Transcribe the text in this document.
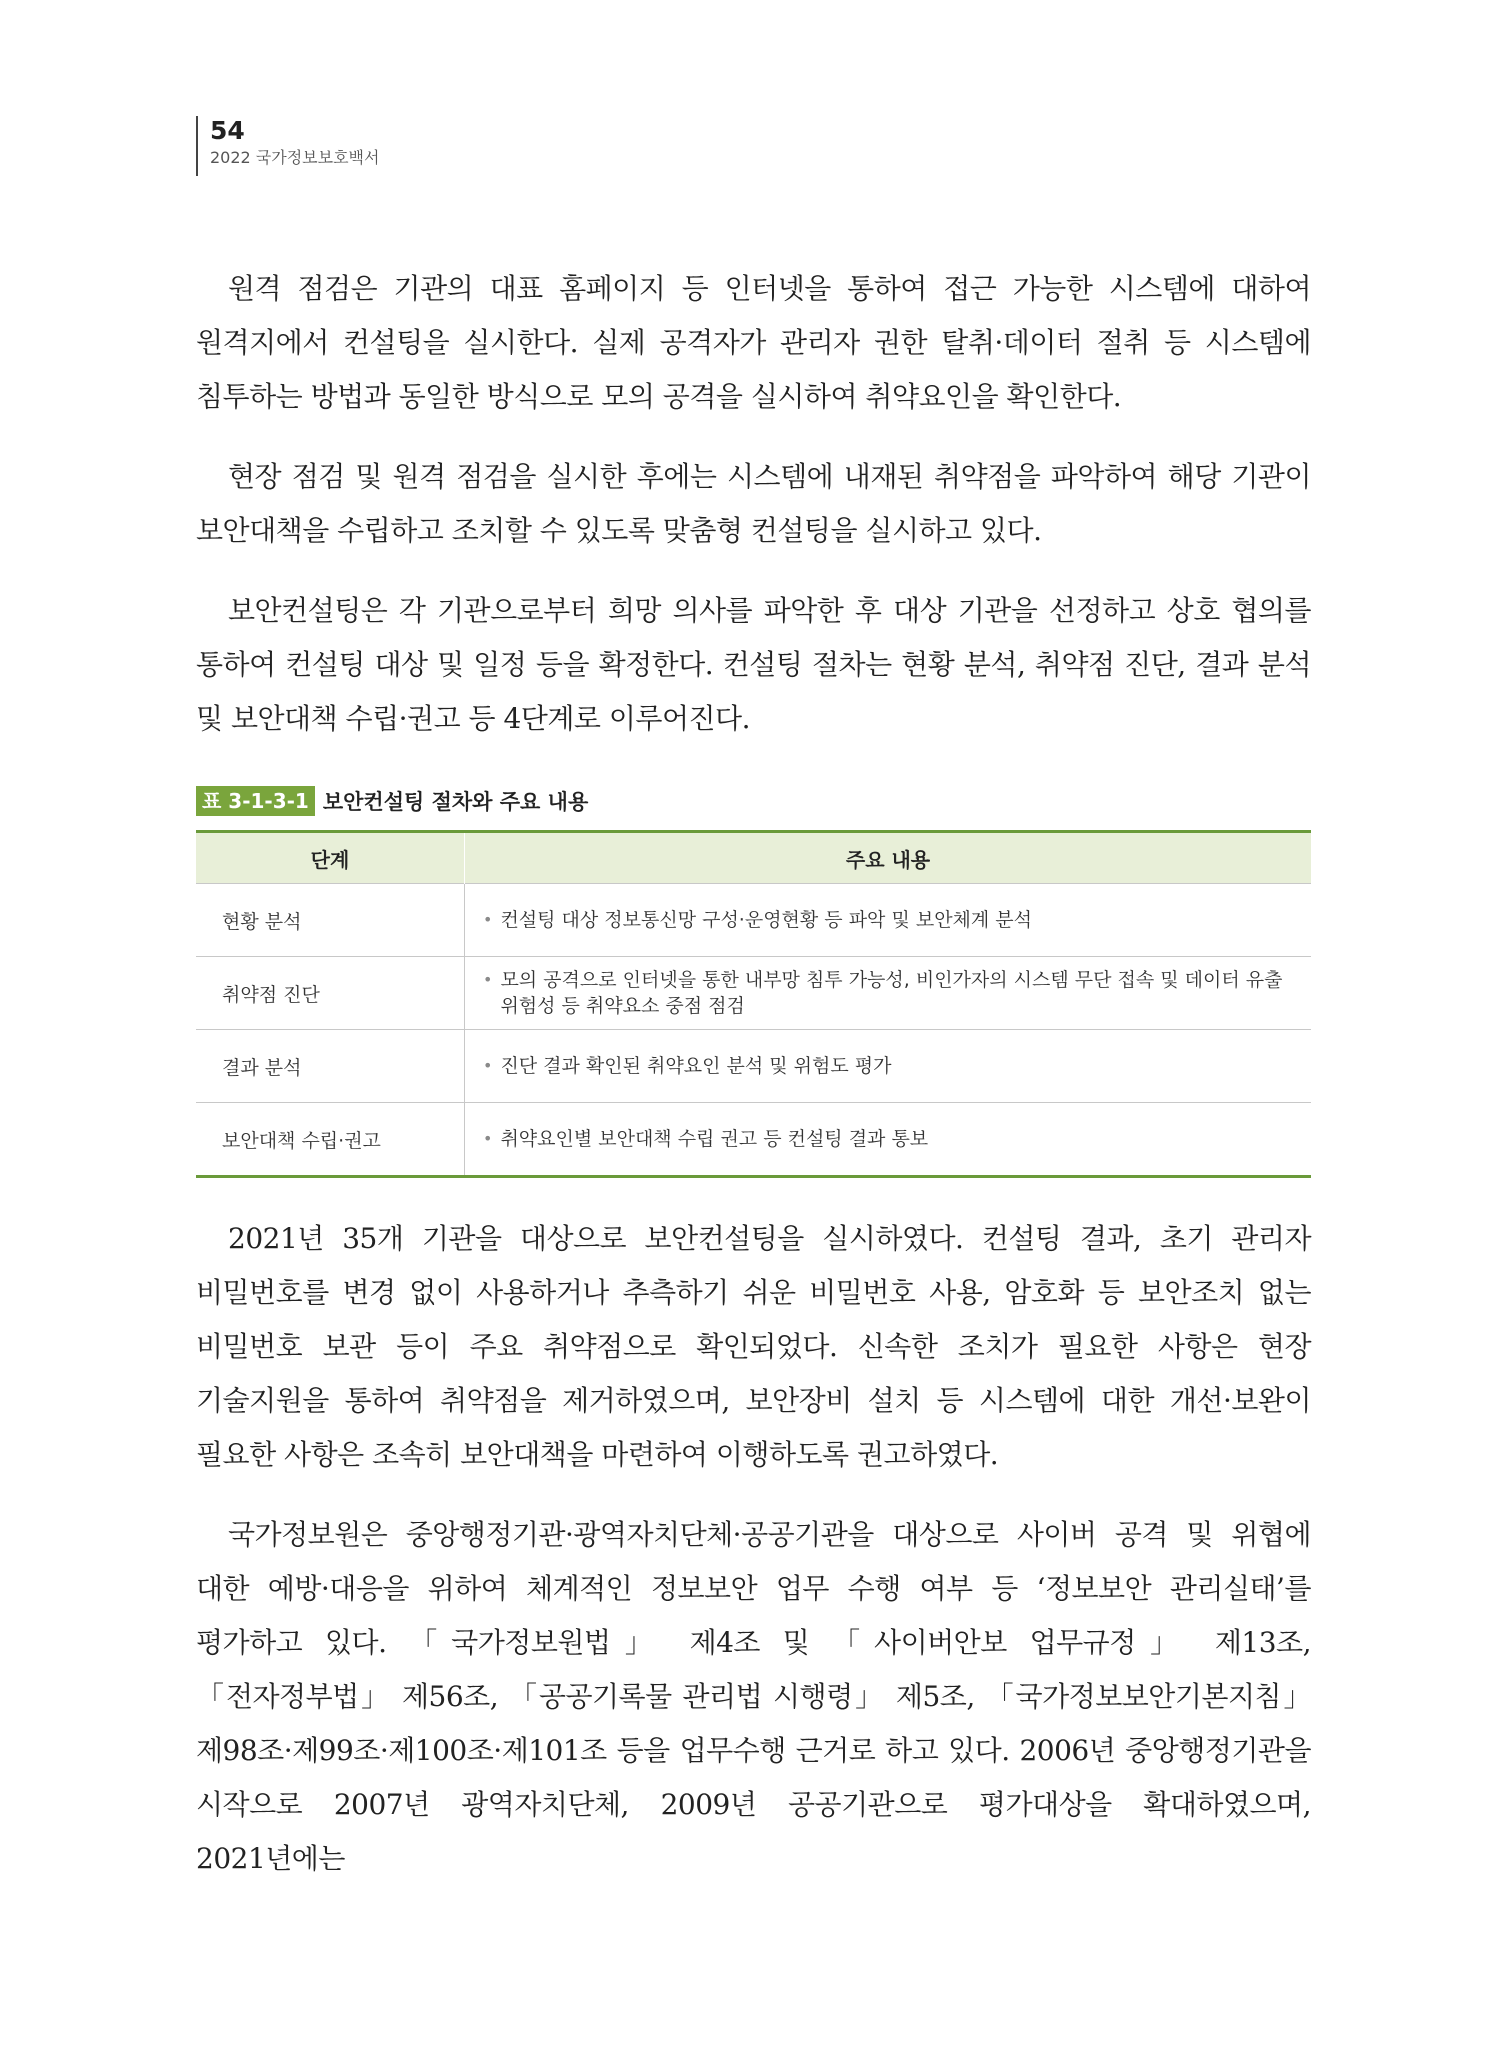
54
2022 국가정보보호백서

원격 점검은 기관의 대표 홈페이지 등 인터넷을 통하여 접근 가능한 시스템에 대하여 원격지에서 컨설팅을 실시한다. 실제 공격자가 관리자 권한 탈취·데이터 절취 등 시스템에 침투하는 방법과 동일한 방식으로 모의 공격을 실시하여 취약요인을 확인한다.

현장 점검 및 원격 점검을 실시한 후에는 시스템에 내재된 취약점을 파악하여 해당 기관이 보안대책을 수립하고 조치할 수 있도록 맞춤형 컨설팅을 실시하고 있다.

보안컨설팅은 각 기관으로부터 희망 의사를 파악한 후 대상 기관을 선정하고 상호 협의를 통하여 컨설팅 대상 및 일정 등을 확정한다. 컨설팅 절차는 현황 분석, 취약점 진단, 결과 분석 및 보안대책 수립·권고 등 4단계로 이루어진다.

표 3-1-3-1 보안컨설팅 절차와 주요 내용
단계	주요 내용
현황 분석	• 컨설팅 대상 정보통신망 구성·운영현황 등 파악 및 보안체계 분석

취약점 진단	• 모의 공격으로 인터넷을 통한 내부망 침투 가능성, 비인가자의 시스템 무단 접속 및 데이터 유출 위험성 등 취약요소 중점 점검

결과 분석	• 진단 결과 확인된 취약요인 분석 및 위험도 평가

보안대책 수립·권고	• 취약요인별 보안대책 수립 권고 등 컨설팅 결과 통보

2021년 35개 기관을 대상으로 보안컨설팅을 실시하였다. 컨설팅 결과, 초기 관리자 비밀번호를 변경 없이 사용하거나 추측하기 쉬운 비밀번호 사용, 암호화 등 보안조치 없는 비밀번호 보관 등이 주요 취약점으로 확인되었다. 신속한 조치가 필요한 사항은 현장 기술지원을 통하여 취약점을 제거하였으며, 보안장비 설치 등 시스템에 대한 개선·보완이 필요한 사항은 조속히 보안대책을 마련하여 이행하도록 권고하였다.

국가정보원은 중앙행정기관·광역자치단체·공공기관을 대상으로 사이버 공격 및 위협에 대한 예방·대응을 위하여 체계적인 정보보안 업무 수행 여부 등 ‘정보보안 관리실태’를 평가하고 있다. 「국가정보원법」 제4조 및 「사이버안보 업무규정」 제13조, 「전자정부법」 제56조, 「공공기록물 관리법 시행령」 제5조, 「국가정보보안기본지침」 제98조·제99조·제100조·제101조 등을 업무수행 근거로 하고 있다. 2006년 중앙행정기관을 시작으로 2007년 광역자치단체, 2009년 공공기관으로 평가대상을 확대하였으며, 2021년에는
